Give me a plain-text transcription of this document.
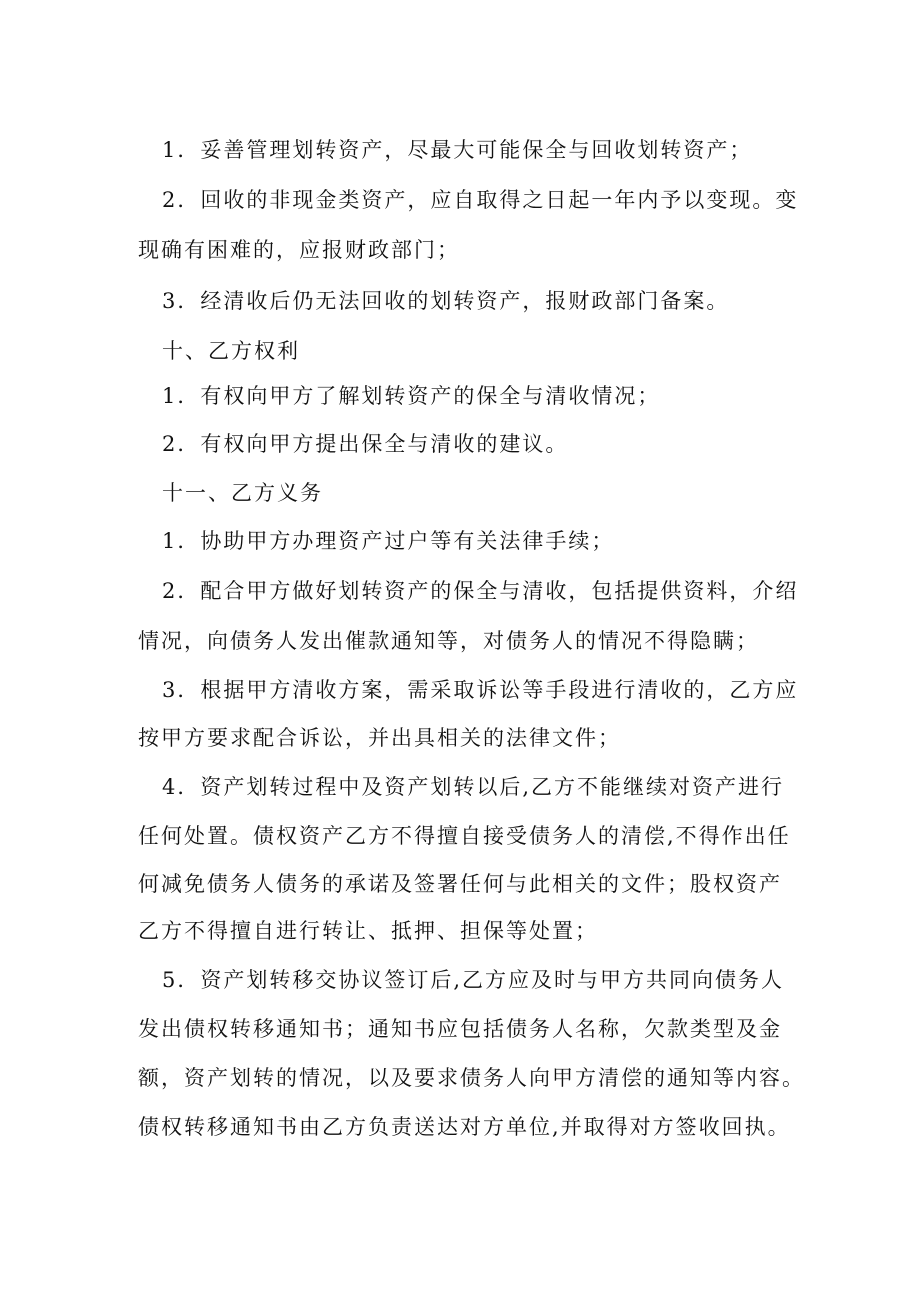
1．妥善管理划转资产，尽最大可能保全与回收划转资产；

2．回收的非现金类资产，应自取得之日起一年内予以变现。变

现确有困难的，应报财政部门；

3．经清收后仍无法回收的划转资产，报财政部门备案。

十、乙方权利

1．有权向甲方了解划转资产的保全与清收情况；

2．有权向甲方提出保全与清收的建议。

十一、乙方义务

1．协助甲方办理资产过户等有关法律手续；

2．配合甲方做好划转资产的保全与清收，包括提供资料，介绍

情况，向债务人发出催款通知等，对债务人的情况不得隐瞒；

3．根据甲方清收方案，需采取诉讼等手段进行清收的，乙方应

按甲方要求配合诉讼，并出具相关的法律文件；

4．资产划转过程中及资产划转以后,乙方不能继续对资产进行

任何处置。债权资产乙方不得擅自接受债务人的清偿,不得作出任

何减免债务人债务的承诺及签署任何与此相关的文件；股权资产

乙方不得擅自进行转让、抵押、担保等处置；

5．资产划转移交协议签订后,乙方应及时与甲方共同向债务人

发出债权转移通知书；通知书应包括债务人名称，欠款类型及金

额，资产划转的情况，以及要求债务人向甲方清偿的通知等内容。

债权转移通知书由乙方负责送达对方单位,并取得对方签收回执。
